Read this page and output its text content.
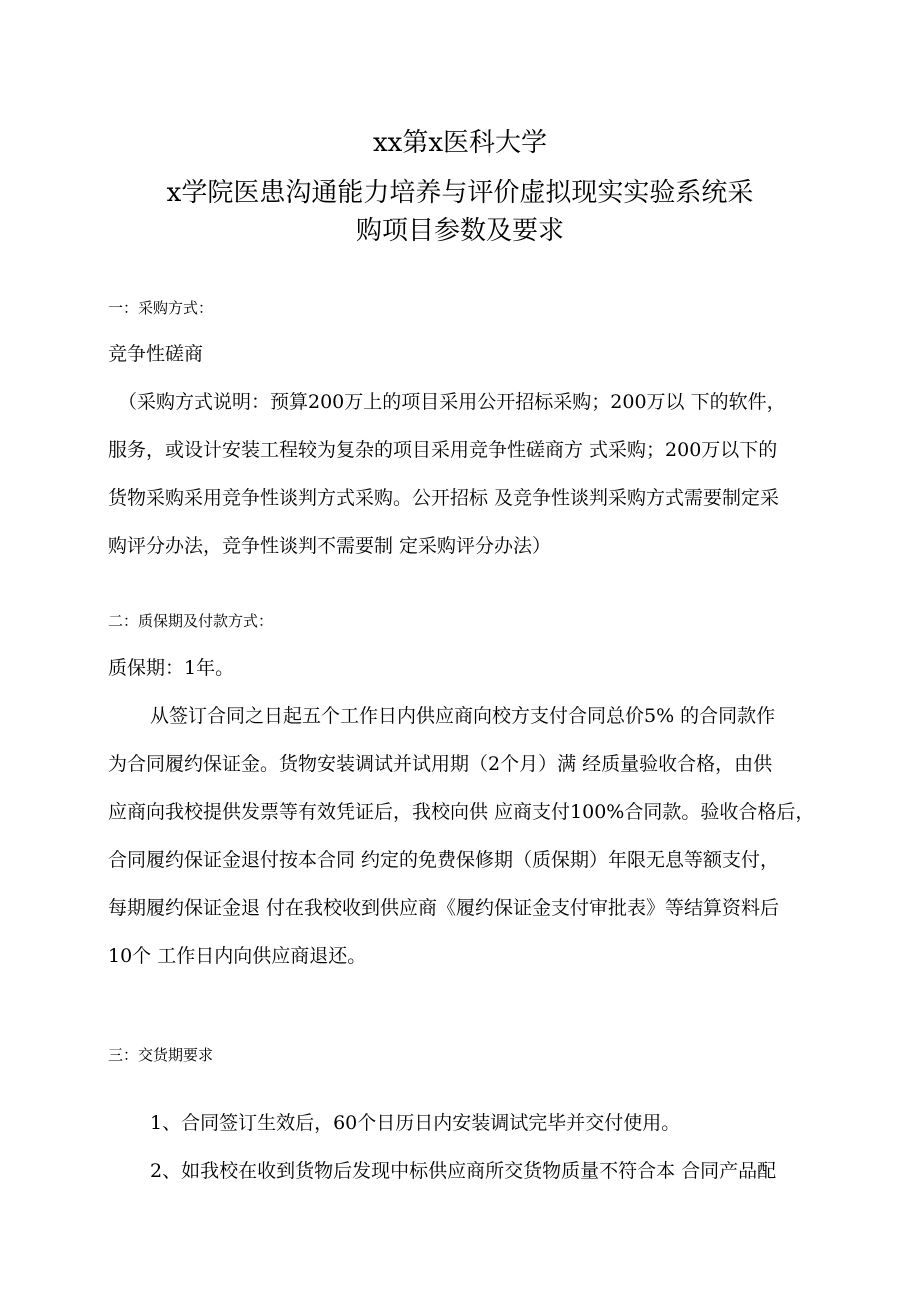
xx第x医科大学
x学院医患沟通能力培养与评价虚拟现实实验系统采
购项目参数及要求
一：采购方式：
竞争性磋商
（采购方式说明：预算200万上的项目采用公开招标采购；200万以 下的软件，
服务，或设计安装工程较为复杂的项目采用竞争性磋商方 式采购；200万以下的
货物采购采用竞争性谈判方式采购。公开招标 及竞争性谈判采购方式需要制定采
购评分办法，竞争性谈判不需要制 定采购评分办法）
二：质保期及付款方式：
质保期：1年。
从签订合同之日起五个工作日内供应商向校方支付合同总价5% 的合同款作
为合同履约保证金。货物安装调试并试用期（2个月）满 经质量验收合格，由供
应商向我校提供发票等有效凭证后，我校向供 应商支付100%合同款。验收合格后，
合同履约保证金退付按本合同 约定的免费保修期（质保期）年限无息等额支付，
每期履约保证金退 付在我校收到供应商《履约保证金支付审批表》等结算资料后
10个 工作日内向供应商退还。
三：交货期要求
1、合同签订生效后，60个日历日内安装调试完毕并交付使用。
2、如我校在收到货物后发现中标供应商所交货物质量不符合本 合同产品配
